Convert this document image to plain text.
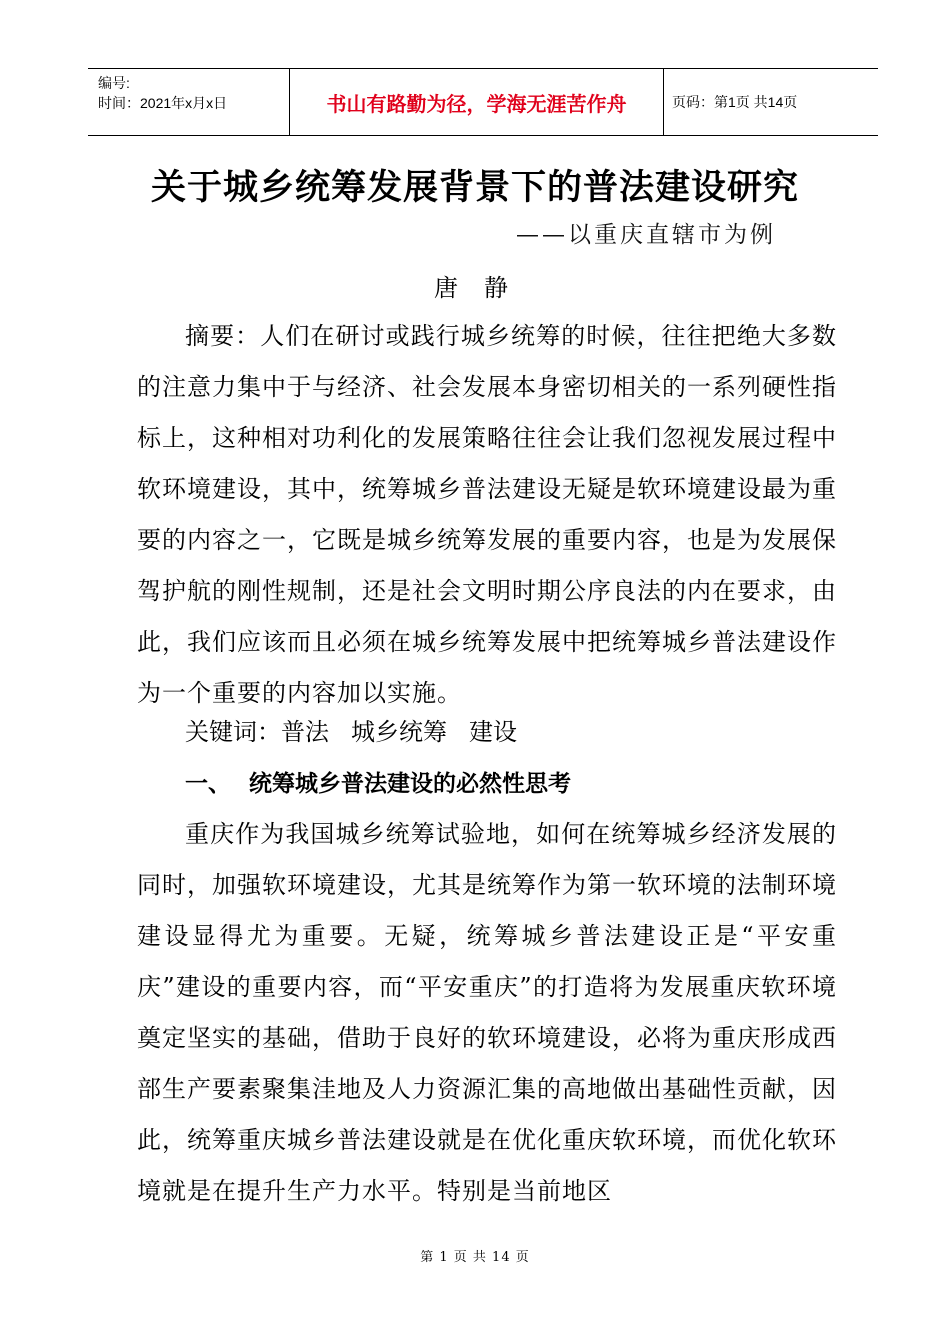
编号:
时间：2021年x月x日	书山有路勤为径，学海无涯苦作舟	页码：第1页 共14页
关于城乡统筹发展背景下的普法建设研究
——以重庆直辖市为例
唐静
摘要：人们在研讨或践行城乡统筹的时候，往往把绝大多数的注意力集中于与经济、社会发展本身密切相关的一系列硬性指标上，这种相对功利化的发展策略往往会让我们忽视发展过程中软环境建设，其中，统筹城乡普法建设无疑是软环境建设最为重要的内容之一，它既是城乡统筹发展的重要内容，也是为发展保驾护航的刚性规制，还是社会文明时期公序良法的内在要求，由此，我们应该而且必须在城乡统筹发展中把统筹城乡普法建设作为一个重要的内容加以实施。
关键词：普法 城乡统筹 建设
一、 统筹城乡普法建设的必然性思考
重庆作为我国城乡统筹试验地，如何在统筹城乡经济发展的同时，加强软环境建设，尤其是统筹作为第一软环境的法制环境建设显得尤为重要。无疑，统筹城乡普法建设正是“平安重庆”建设的重要内容，而“平安重庆”的打造将为发展重庆软环境奠定坚实的基础，借助于良好的软环境建设，必将为重庆形成西部生产要素聚集洼地及人力资源汇集的高地做出基础性贡献，因此，统筹重庆城乡普法建设就是在优化重庆软环境，而优化软环境就是在提升生产力水平。特别是当前地区
第 1 页 共 14 页
